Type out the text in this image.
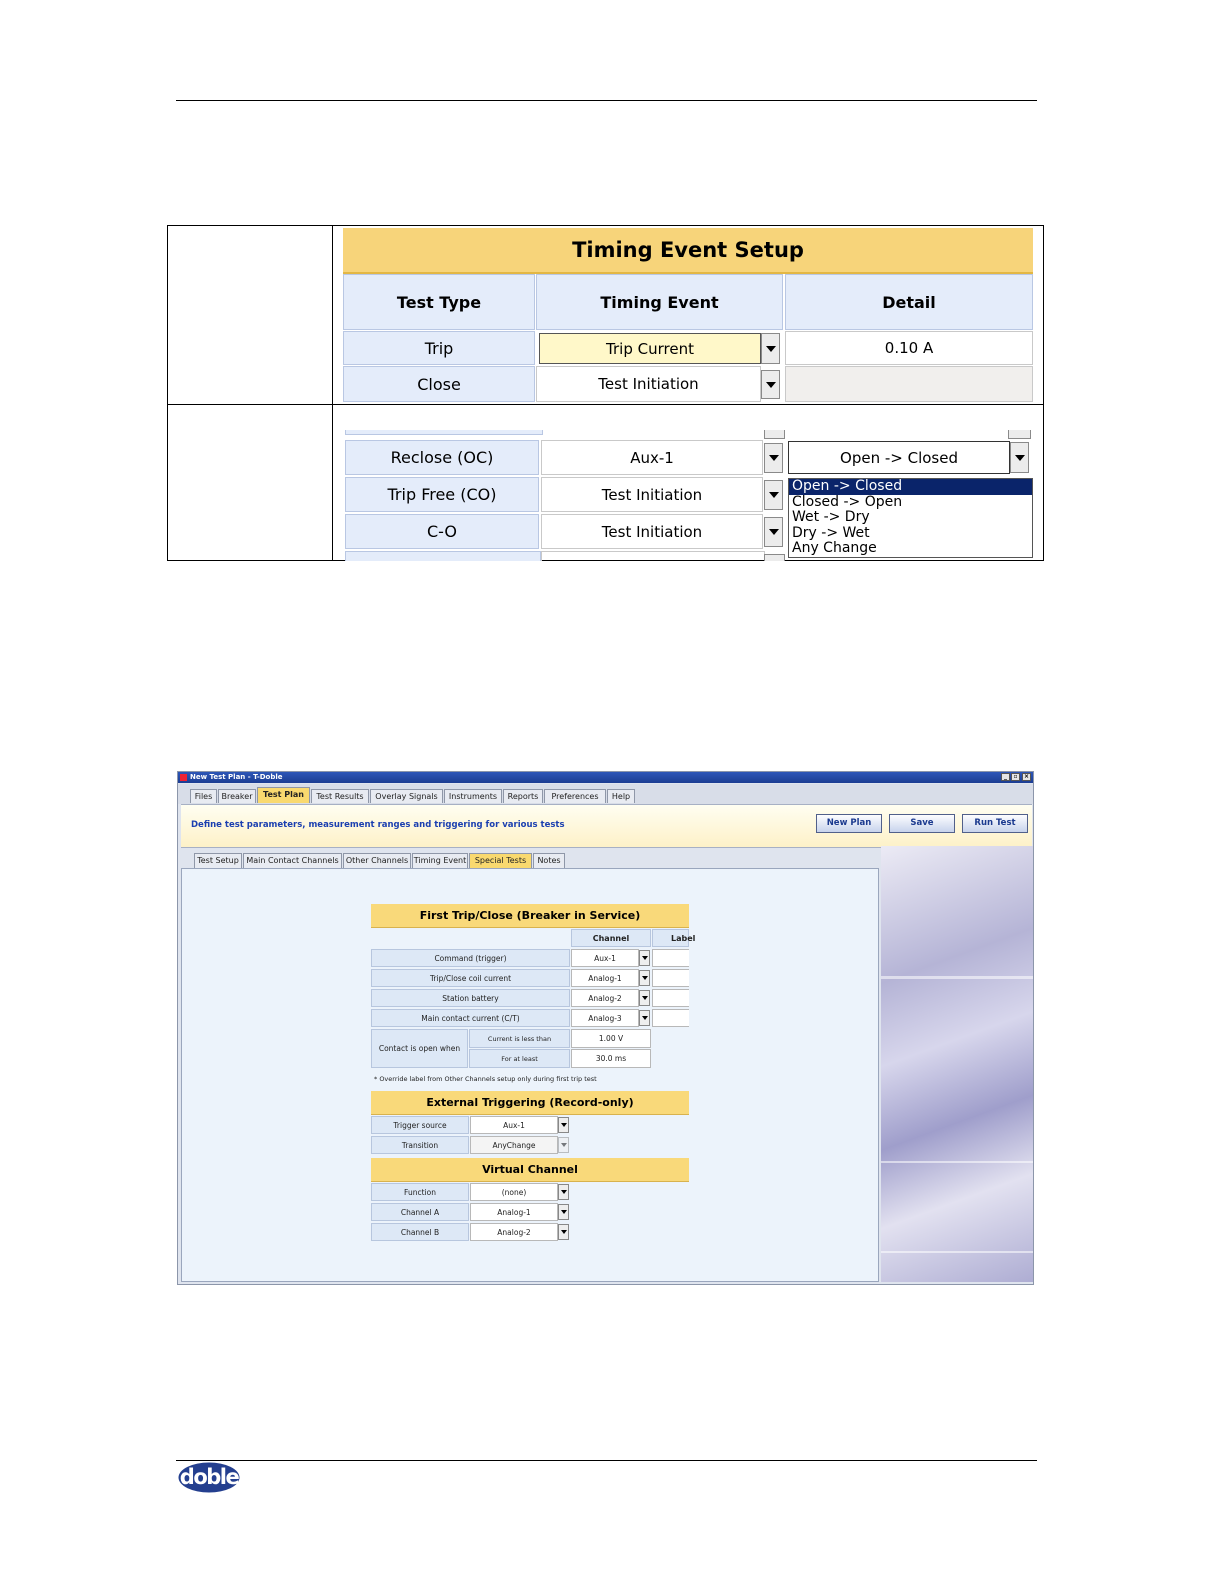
Timing Event Setup
Test Type	Timing Event	Detail
Trip	Trip Current	0.10 A
Close	Test Initiation
Reclose (OC)	Aux-1	Open -> Closed
Trip Free (CO)	Test Initiation
C-O	Test Initiation
Open -> Closed
Closed -> Open
Wet -> Dry
Dry -> Wet
Any Change
New Test Plan - T-Doble	_	▫	×
Files	Breaker	Test Plan	Test Results	Overlay Signals	Instruments	Reports	Preferences	Help
Define test parameters, measurement ranges and triggering for various tests	New Plan	Save	Run Test
Test Setup Main Contact Channels Other Channels Timing Event	Special Tests	Notes
First Trip/Close (Breaker in Service)
Channel	Label
Command (trigger)	Aux-1
Trip/Close coil current	Analog-1
Station battery	Analog-2
Main contact current (C/T)	Analog-3
Contact is open when
Current is less than	1.00 V
For at least	30.0 ms
* Override label from Other Channels setup only during first trip test
External Triggering (Record-only)
Trigger source	Aux-1
Transition	AnyChange
Virtual Channel
Function	(none)
Channel A	Analog-1
Channel B	Analog-2
doble
